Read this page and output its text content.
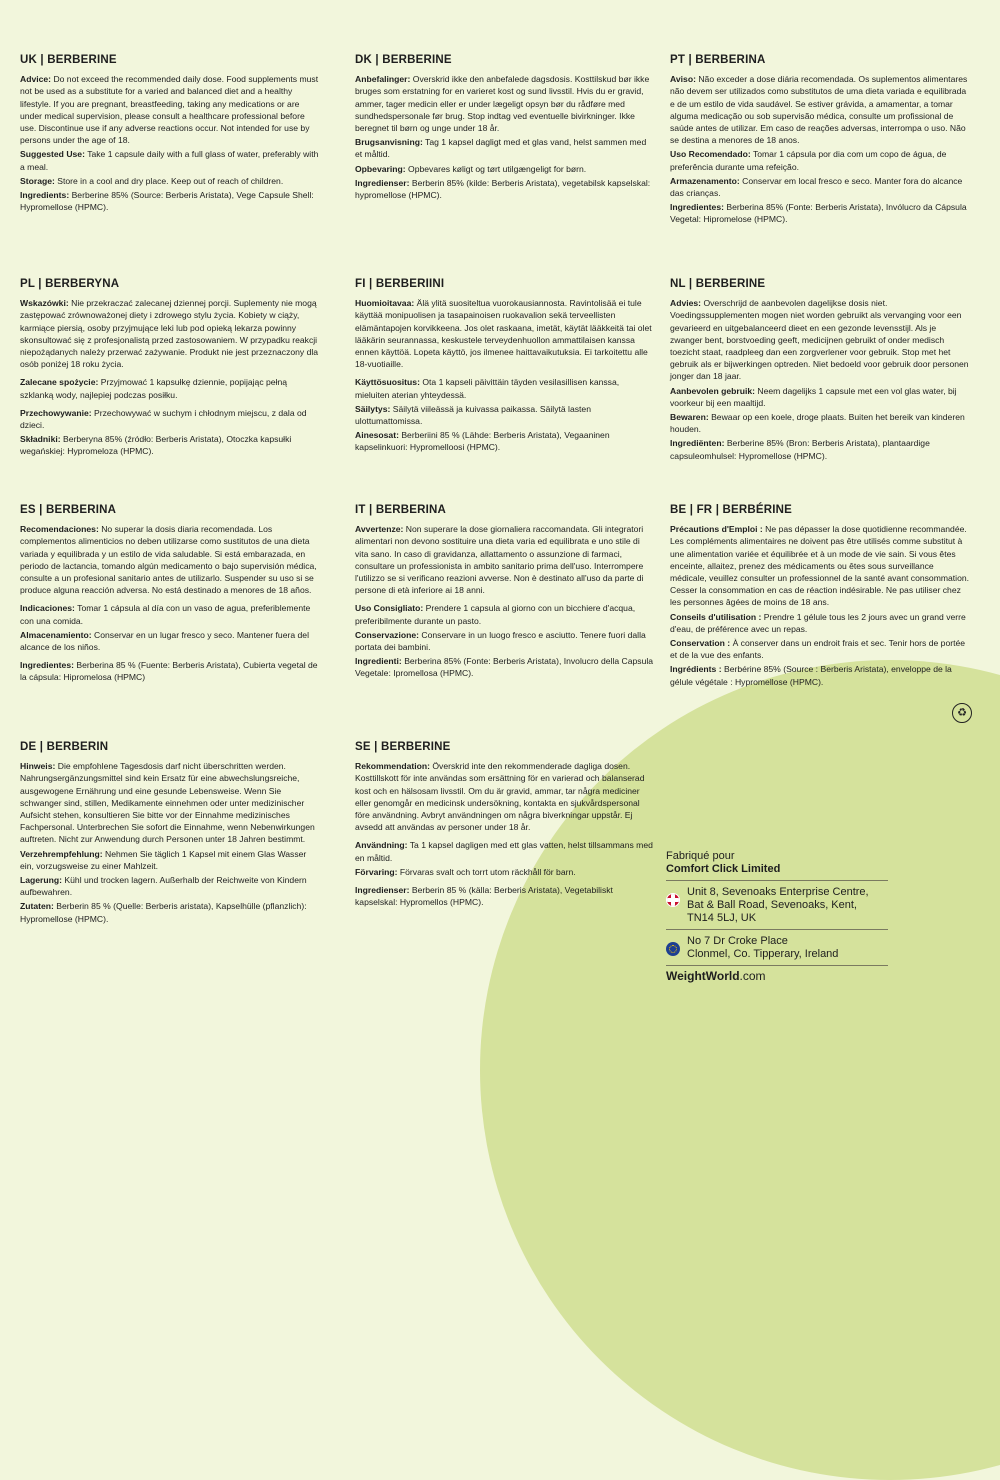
UK | BERBERINE

Advice: Do not exceed the recommended daily dose. Food supplements must not be used as a substitute for a varied and balanced diet and a healthy lifestyle. If you are pregnant, breastfeeding, taking any medications or are under medical supervision, please consult a healthcare professional before use. Discontinue use if any adverse reactions occur. Not intended for use by persons under the age of 18.

Suggested Use: Take 1 capsule daily with a full glass of water, preferably with a meal.

Storage: Store in a cool and dry place. Keep out of reach of children.

Ingredients: Berberine 85% (Source: Berberis Aristata), Vege Capsule Shell: Hypromellose (HPMC).

DK | BERBERINE

Anbefalinger: Overskrid ikke den anbefalede dagsdosis. Kosttilskud bør ikke bruges som erstatning for en varieret kost og sund livsstil. Hvis du er gravid, ammer, tager medicin eller er under lægeligt opsyn bør du rådføre med sundhedspersonale før brug. Stop indtag ved eventuelle bivirkninger. Ikke beregnet til børn og unge under 18 år.

Brugsanvisning: Tag 1 kapsel dagligt med et glas vand, helst sammen med et måltid.

Opbevaring: Opbevares køligt og tørt utilgængeligt for børn.

Ingredienser: Berberin 85% (kilde: Berberis Aristata), vegetabilsk kapselskal: hypromellose (HPMC).

PT | BERBERINA

Aviso: Não exceder a dose diária recomendada. Os suplementos alimentares não devem ser utilizados como substitutos de uma dieta variada e equilibrada e de um estilo de vida saudável. Se estiver grávida, a amamentar, a tomar alguma medicação ou sob supervisão médica, consulte um profissional de saúde antes de utilizar. Em caso de reações adversas, interrompa o uso. Não se destina a menores de 18 anos.

Uso Recomendado: Tomar 1 cápsula por dia com um copo de água, de preferência durante uma refeição.

Armazenamento: Conservar em local fresco e seco. Manter fora do alcance das crianças.

Ingredientes: Berberina 85% (Fonte: Berberis Aristata), Invólucro da Cápsula Vegetal: Hipromelose (HPMC).

PL | BERBERYNA

Wskazówki: Nie przekraczać zalecanej dziennej porcji. Suplementy nie mogą zastępować zrównoważonej diety i zdrowego stylu życia. Kobiety w ciąży, karmiące piersią, osoby przyjmujące leki lub pod opieką lekarza powinny skonsultować się z profesjonalistą przed zastosowaniem. W przypadku reakcji niepożądanych należy przerwać zażywanie. Produkt nie jest przeznaczony dla osób poniżej 18 roku życia.

Zalecane spożycie: Przyjmować 1 kapsułkę dziennie, popijając pełną szklanką wody, najlepiej podczas posiłku.

Przechowywanie: Przechowywać w suchym i chłodnym miejscu, z dala od dzieci.

Składniki: Berberyna 85% (źródło: Berberis Aristata), Otoczka kapsułki wegańskiej: Hypromeloza (HPMC).

FI | BERBERIINI

Huomioitavaa: Älä ylitä suositeltua vuorokausiannosta. Ravintolisää ei tule käyttää monipuolisen ja tasapainoisen ruokavalion sekä terveellisten elämäntapojen korvikkeena. Jos olet raskaana, imetät, käytät lääkkeitä tai olet lääkärin seurannassa, keskustele terveydenhuollon ammattilaisen kanssa ennen käyttöä. Lopeta käyttö, jos ilmenee haittavaikutuksia. Ei tarkoitettu alle 18-vuotiaille.

Käyttösuositus: Ota 1 kapseli päivittäin täyden vesilasillisen kanssa, mieluiten aterian yhteydessä.

Säilytys: Säilytä viileässä ja kuivassa paikassa. Säilytä lasten ulottumattomissa.

Ainesosat: Berberiini 85 % (Lähde: Berberis Aristata), Vegaaninen kapselinkuori: Hypromelloosi (HPMC).

NL | BERBERINE

Advies: Overschrijd de aanbevolen dagelijkse dosis niet. Voedingssupplementen mogen niet worden gebruikt als vervanging voor een gevarieerd en uitgebalanceerd dieet en een gezonde levensstijl. Als je zwanger bent, borstvoeding geeft, medicijnen gebruikt of onder medisch toezicht staat, raadpleeg dan een zorgverlener voor gebruik. Stop met het gebruik als er bijwerkingen optreden. Niet bedoeld voor gebruik door personen jonger dan 18 jaar.

Aanbevolen gebruik: Neem dagelijks 1 capsule met een vol glas water, bij voorkeur bij een maaltijd.

Bewaren: Bewaar op een koele, droge plaats. Buiten het bereik van kinderen houden.

Ingrediënten: Berberine 85% (Bron: Berberis Aristata), plantaardige capsuleomhulsel: Hypromellose (HPMC).

ES | BERBERINA

Recomendaciones: No superar la dosis diaria recomendada. Los complementos alimenticios no deben utilizarse como sustitutos de una dieta variada y equilibrada y un estilo de vida saludable. Si está embarazada, en periodo de lactancia, tomando algún medicamento o bajo supervisión médica, consulte a un profesional sanitario antes de utilizarlo. Suspender su uso si se produce alguna reacción adversa. No está destinado a menores de 18 años.

Indicaciones: Tomar 1 cápsula al día con un vaso de agua, preferiblemente con una comida.

Almacenamiento: Conservar en un lugar fresco y seco. Mantener fuera del alcance de los niños.

Ingredientes: Berberina 85 % (Fuente: Berberis Aristata), Cubierta vegetal de la cápsula: Hipromelosa (HPMC)

IT | BERBERINA

Avvertenze: Non superare la dose giornaliera raccomandata. Gli integratori alimentari non devono sostituire una dieta varia ed equilibrata e uno stile di vita sano. In caso di gravidanza, allattamento o assunzione di farmaci, consultare un professionista in ambito sanitario prima dell'uso. Interrompere l'utilizzo se si verificano reazioni avverse. Non è destinato all'uso da parte di persone di età inferiore ai 18 anni.

Uso Consigliato: Prendere 1 capsula al giorno con un bicchiere d'acqua, preferibilmente durante un pasto.

Conservazione: Conservare in un luogo fresco e asciutto. Tenere fuori dalla portata dei bambini.

Ingredienti: Berberina 85% (Fonte: Berberis Aristata), Involucro della Capsula Vegetale: Ipromellosa (HPMC).

BE | FR | BERBÉRINE

Précautions d'Emploi : Ne pas dépasser la dose quotidienne recommandée. Les compléments alimentaires ne doivent pas être utilisés comme substitut à une alimentation variée et équilibrée et à un mode de vie sain. Si vous êtes enceinte, allaitez, prenez des médicaments ou êtes sous surveillance médicale, veuillez consulter un professionnel de la santé avant consommation. Cesser la consommation en cas de réaction indésirable. Ne pas utiliser chez les personnes âgées de moins de 18 ans.

Conseils d'utilisation : Prendre 1 gélule tous les 2 jours avec un grand verre d'eau, de préférence avec un repas.

Conservation : À conserver dans un endroit frais et sec. Tenir hors de portée et de la vue des enfants.

Ingrédients : Berbérine 85% (Source : Berberis Aristata), enveloppe de la gélule végétale : Hypromellose (HPMC).

♻
DE | BERBERIN

Hinweis: Die empfohlene Tagesdosis darf nicht überschritten werden. Nahrungsergänzungsmittel sind kein Ersatz für eine abwechslungsreiche, ausgewogene Ernährung und eine gesunde Lebensweise. Wenn Sie schwanger sind, stillen, Medikamente einnehmen oder unter medizinischer Aufsicht stehen, konsultieren Sie bitte vor der Einnahme medizinisches Fachpersonal. Unterbrechen Sie sofort die Einnahme, wenn Nebenwirkungen auftreten. Nicht zur Anwendung durch Personen unter 18 Jahren bestimmt.

Verzehrempfehlung: Nehmen Sie täglich 1 Kapsel mit einem Glas Wasser ein, vorzugsweise zu einer Mahlzeit.

Lagerung: Kühl und trocken lagern. Außerhalb der Reichweite von Kindern aufbewahren.

Zutaten: Berberin 85 % (Quelle: Berberis aristata), Kapselhülle (pflanzlich): Hypromellose (HPMC).

SE | BERBERINE

Rekommendation: Överskrid inte den rekommenderade dagliga dosen. Kosttillskott för inte användas som ersättning för en varierad och balanserad kost och en hälsosam livsstil. Om du är gravid, ammar, tar några mediciner eller genomgår en medicinsk undersökning, kontakta en sjukvårdspersonal före användning. Avbryt användningen om några biverkningar uppstår. Ej avsedd att användas av personer under 18 år.

Användning: Ta 1 kapsel dagligen med ett glas vatten, helst tillsammans med en måltid.

Förvaring: Förvaras svalt och torrt utom räckhåll för barn.

Ingredienser: Berberin 85 % (källa: Berberis Aristata), Vegetabiliskt kapselskal: Hypromellos (HPMC).

Fabriqué pour

Comfort Click Limited

Unit 8, Sevenoaks Enterprise Centre,
Bat & Ball Road, Sevenoaks, Kent,
TN14 5LJ, UK
No 7 Dr Croke Place
Clonmel, Co. Tipperary, Ireland
WeightWorld.com
